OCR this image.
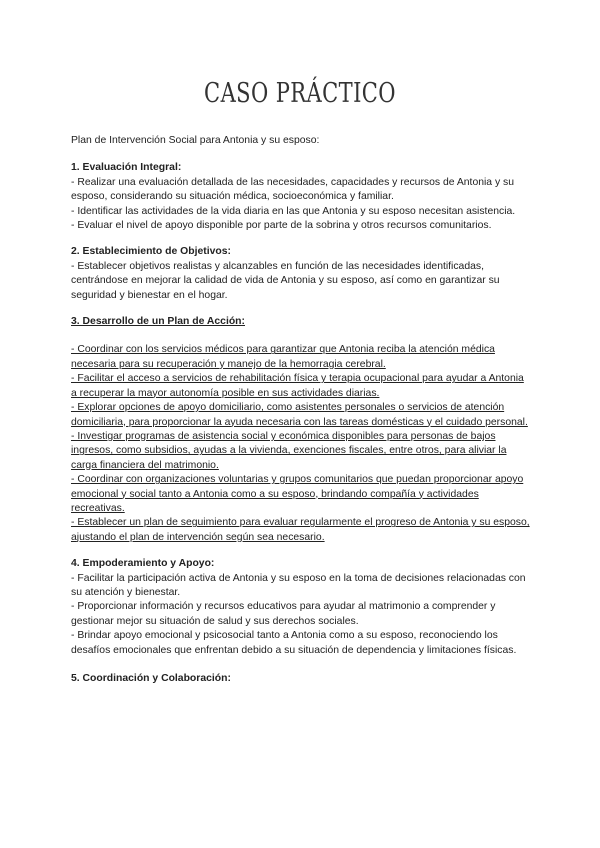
CASO PRÁCTICO

Plan de Intervención Social para Antonia y su esposo:

1. Evaluación Integral:

- Realizar una evaluación detallada de las necesidades, capacidades y recursos de Antonia y su esposo, considerando su situación médica, socioeconómica y familiar.

- Identificar las actividades de la vida diaria en las que Antonia y su esposo necesitan asistencia.

- Evaluar el nivel de apoyo disponible por parte de la sobrina y otros recursos comunitarios.

2. Establecimiento de Objetivos:

- Establecer objetivos realistas y alcanzables en función de las necesidades identificadas, centrándose en mejorar la calidad de vida de Antonia y su esposo, así como en garantizar su seguridad y bienestar en el hogar.

3. Desarrollo de un Plan de Acción:

- Coordinar con los servicios médicos para garantizar que Antonia reciba la atención médica necesaria para su recuperación y manejo de la hemorragia cerebral.

- Facilitar el acceso a servicios de rehabilitación física y terapia ocupacional para ayudar a Antonia a recuperar la mayor autonomía posible en sus actividades diarias.

- Explorar opciones de apoyo domiciliario, como asistentes personales o servicios de atención domiciliaria, para proporcionar la ayuda necesaria con las tareas domésticas y el cuidado personal.

- Investigar programas de asistencia social y económica disponibles para personas de bajos ingresos, como subsidios, ayudas a la vivienda, exenciones fiscales, entre otros, para aliviar la carga financiera del matrimonio.

- Coordinar con organizaciones voluntarias y grupos comunitarios que puedan proporcionar apoyo emocional y social tanto a Antonia como a su esposo, brindando compañía y actividades recreativas.

- Establecer un plan de seguimiento para evaluar regularmente el progreso de Antonia y su esposo, ajustando el plan de intervención según sea necesario.

4. Empoderamiento y Apoyo:

- Facilitar la participación activa de Antonia y su esposo en la toma de decisiones relacionadas con su atención y bienestar.

- Proporcionar información y recursos educativos para ayudar al matrimonio a comprender y gestionar mejor su situación de salud y sus derechos sociales.

- Brindar apoyo emocional y psicosocial tanto a Antonia como a su esposo, reconociendo los desafíos emocionales que enfrentan debido a su situación de dependencia y limitaciones físicas.

5. Coordinación y Colaboración:
